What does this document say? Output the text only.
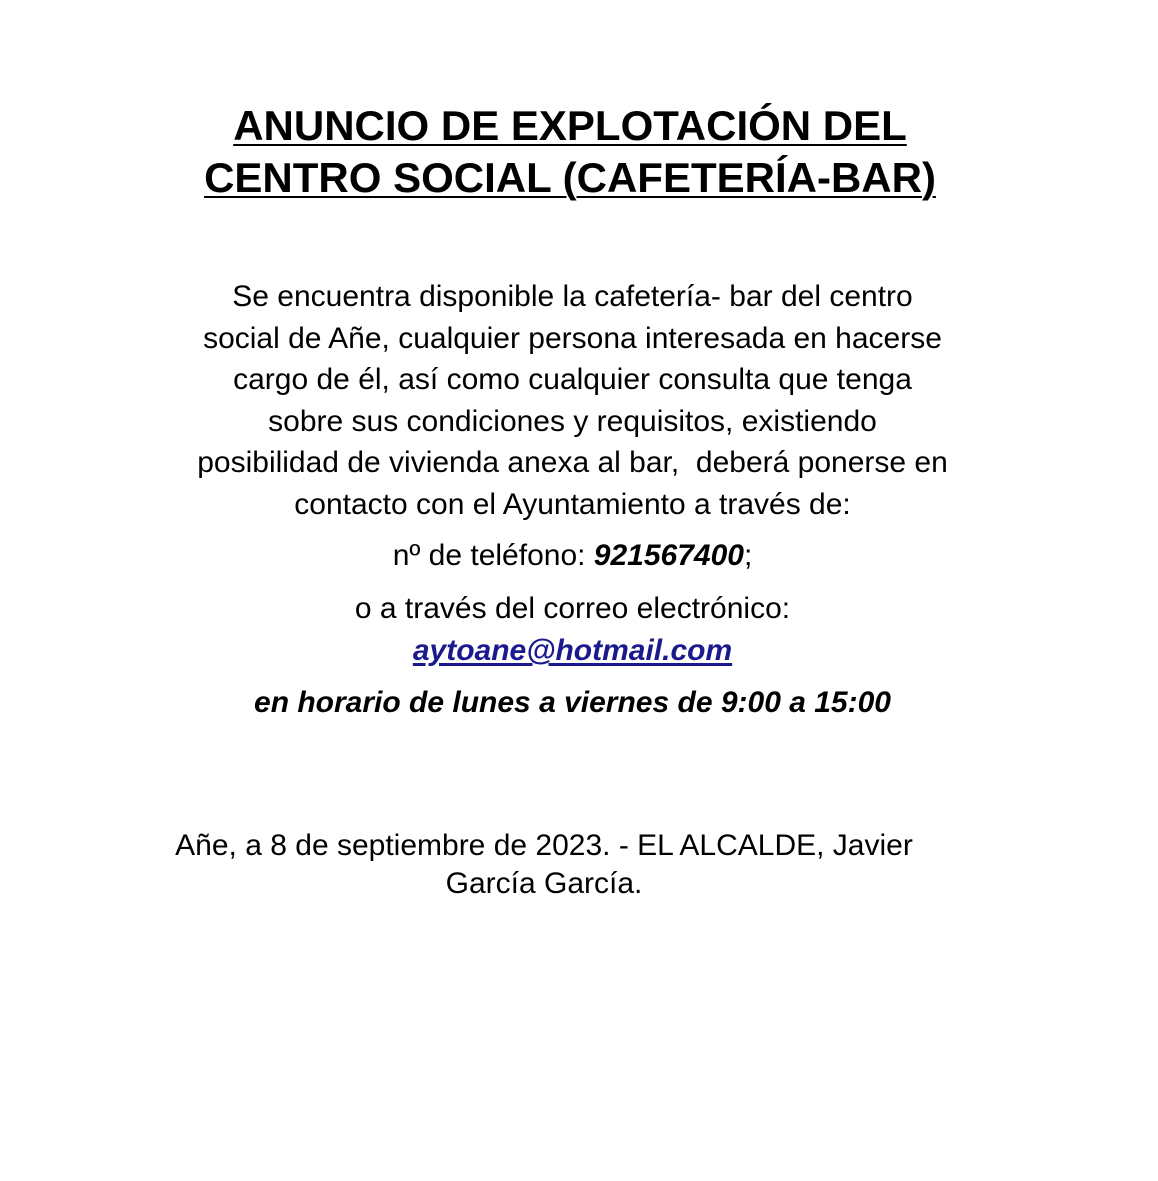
ANUNCIO DE EXPLOTACIÓN DEL
CENTRO SOCIAL (CAFETERÍA-BAR)

Se encuentra disponible la cafetería- bar del centro
social de Añe, cualquier persona interesada en hacerse
cargo de él, así como cualquier consulta que tenga
sobre sus condiciones y requisitos, existiendo
posibilidad de vivienda anexa al bar,  deberá ponerse en
contacto con el Ayuntamiento a través de:

nº de teléfono: 921567400;

o a través del correo electrónico:
aytoane@hotmail.com

en horario de lunes a viernes de 9:00 a 15:00

Añe, a 8 de septiembre de 2023. - EL ALCALDE, Javier
García García.
